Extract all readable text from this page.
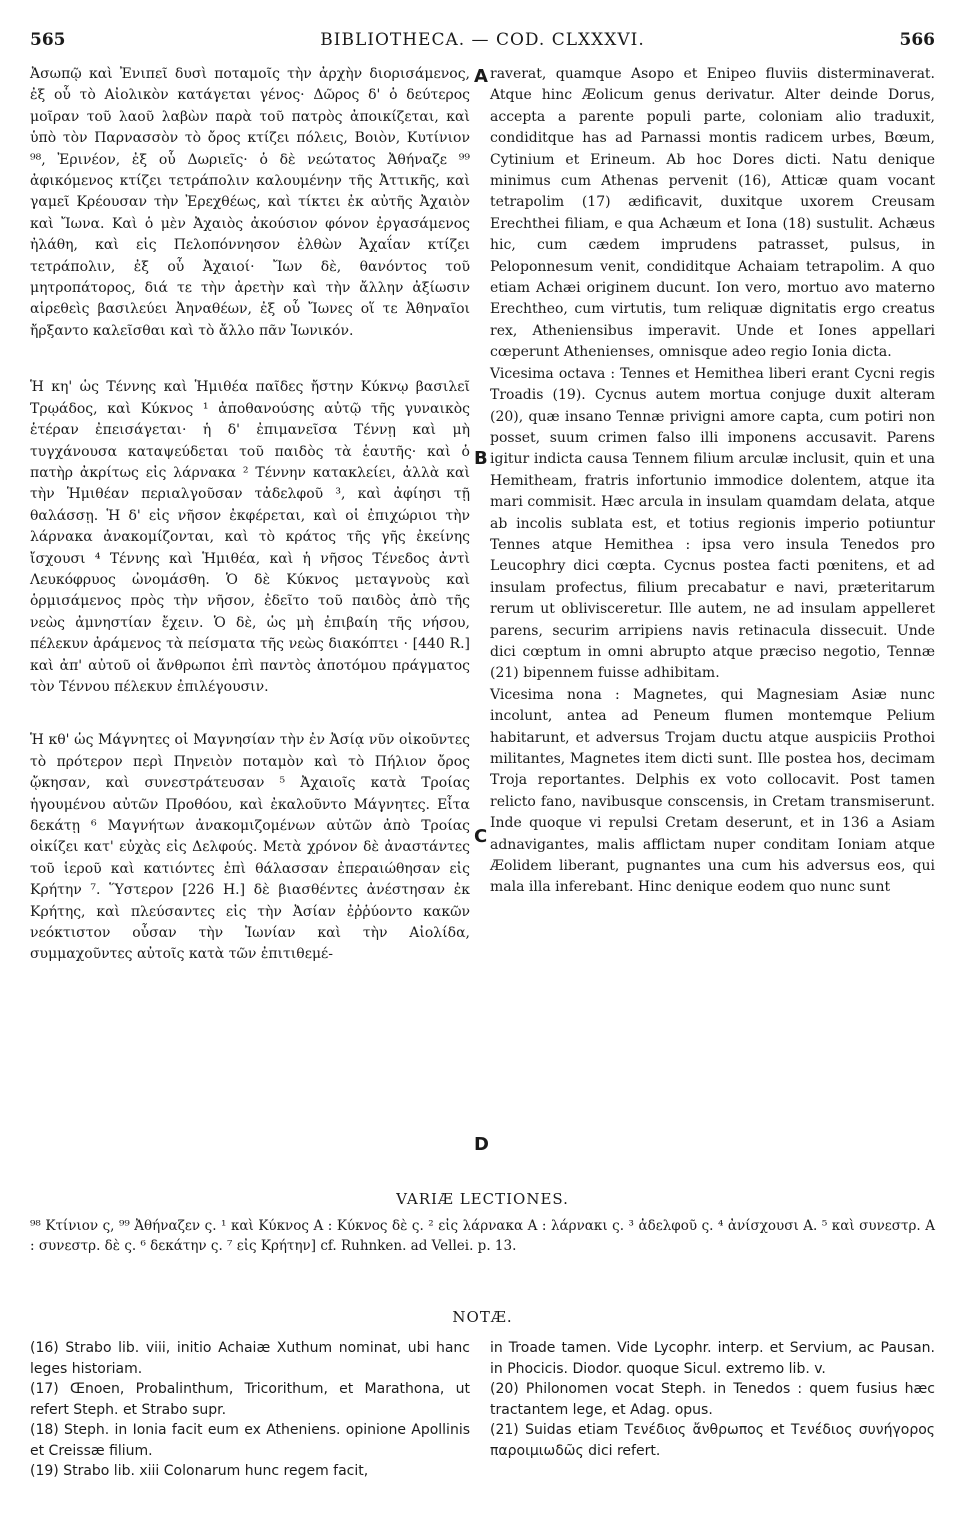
565	BIBLIOTHECA. — COD. CLXXXVI.	566
A
B
C
D

Ἀσωπῷ καὶ Ἐνιπεῖ δυσὶ ποταμοῖς τὴν ἀρχὴν διορισάμενος, ἐξ οὗ τὸ Αἰολικὸν κατάγεται γένος· Δῶρος δ' ὁ δεύτερος μοῖραν τοῦ λαοῦ λαβὼν παρὰ τοῦ πατρὸς ἀποικίζεται, καὶ ὑπὸ τὸν Παρνασσὸν τὸ ὄρος κτίζει πόλεις, Βοιὸν, Κυτίνιον ⁹⁸, Ἐρινέον, ἐξ οὗ Δωριεῖς· ὁ δὲ νεώτατος Ἀθήναζε ⁹⁹ ἀφικόμενος κτίζει τετράπολιν καλουμένην τῆς Ἀττικῆς, καὶ γαμεῖ Κρέουσαν τὴν Ἐρεχθέως, καὶ τίκτει ἐκ αὐτῆς Ἀχαιὸν καὶ Ἴωνα. Καὶ ὁ μὲν Ἀχαιὸς ἀκούσιον φόνον ἐργασάμενος ἠλάθη, καὶ εἰς Πελοπόννησον ἐλθὼν Ἀχαΐαν κτίζει τετράπολιν, ἐξ οὗ Ἀχαιοί· Ἴων δὲ, θανόντος τοῦ μητροπάτορος, διά τε τὴν ἀρετὴν καὶ τὴν ἄλλην ἀξίωσιν αἱρεθεὶς βασιλεύει Ἀηναθέων, ἐξ οὗ Ἴωνες οἵ τε Ἀθηναῖοι ἤρξαντο καλεῖσθαι καὶ τὸ ἄλλο πᾶν Ἰωνικόν.

Ἡ κη' ὡς Τέννης καὶ Ἡμιθέα παῖδες ἤστην Κύκνῳ βασιλεῖ Τρῳάδος, καὶ Κύκνος ¹ ἀποθανούσης αὐτῷ τῆς γυναικὸς ἑτέραν ἐπεισάγεται· ἡ δ' ἐπιμανεῖσα Τέννῃ καὶ μὴ τυγχάνουσα καταψεύδεται τοῦ παιδὸς τὰ ἑαυτῆς· καὶ ὁ πατὴρ ἀκρίτως εἰς λάρνακα ² Τέννην κατακλείει, ἀλλὰ καὶ τὴν Ἡμιθέαν περιαλγοῦσαν τἀδελφοῦ ³, καὶ ἀφίησι τῇ θαλάσσῃ. Ἡ δ' εἰς νῆσον ἐκφέρεται, καὶ οἱ ἐπιχώριοι τὴν λάρνακα ἀνακομίζονται, καὶ τὸ κράτος τῆς γῆς ἐκείνης ἴσχουσι ⁴ Τέννης καὶ Ἡμιθέα, καὶ ἡ νῆσος Τένεδος ἀντὶ Λευκόφρυος ὠνομάσθη. Ὁ δὲ Κύκνος μεταγνοὺς καὶ ὁρμισάμενος πρὸς τὴν νῆσον, ἐδεῖτο τοῦ παιδὸς ἀπὸ τῆς νεὼς ἀμνηστίαν ἔχειν. Ὁ δὲ, ὡς μὴ ἐπιβαίη τῆς νήσου, πέλεκυν ἀράμενος τὰ πείσματα τῆς νεὼς διακόπτει · [440 R.] καὶ ἀπ' αὐτοῦ οἱ ἄνθρωποι ἐπὶ παντὸς ἀποτόμου πράγματος τὸν Τέννου πέλεκυν ἐπιλέγουσιν.

Ἡ κθ' ὡς Μάγνητες οἱ Μαγνησίαν τὴν ἐν Ἀσίᾳ νῦν οἰκοῦντες τὸ πρότερον περὶ Πηνειὸν ποταμὸν καὶ τὸ Πήλιον ὄρος ᾤκησαν, καὶ συνεστράτευσαν ⁵ Ἀχαιοῖς κατὰ Τροίας ἡγουμένου αὐτῶν Προθόου, καὶ ἐκαλοῦντο Μάγνητες. Εἶτα δεκάτῃ ⁶ Μαγνήτων ἀνακομιζομένων αὐτῶν ἀπὸ Τροίας οἰκίζει κατ' εὐχὰς εἰς Δελφούς. Μετὰ χρόνον δὲ ἀναστάντες τοῦ ἱεροῦ καὶ κατιόντες ἐπὶ θάλασσαν ἐπεραιώθησαν εἰς Κρήτην ⁷. Ὕστερον [226 H.] δὲ βιασθέντες ἀνέστησαν ἐκ Κρήτης, καὶ πλεύσαντες εἰς τὴν Ἀσίαν ἐῤῥύοντο κακῶν νεόκτιστον οὖσαν τὴν Ἰωνίαν καὶ τὴν Αἰολίδα, συμμαχοῦντες αὐτοῖς κατὰ τῶν ἐπιτιθεμέ-

raverat, quamque Asopo et Enipeo fluviis disterminaverat. Atque hinc Æolicum genus derivatur. Alter deinde Dorus, accepta a parente populi parte, coloniam alio traduxit, condiditque has ad Parnassi montis radicem urbes, Bœum, Cytinium et Erineum. Ab hoc Dores dicti. Natu denique minimus cum Athenas pervenit (16), Atticæ quam vocant tetrapolim (17) ædificavit, duxitque uxorem Creusam Erechthei filiam, e qua Achæum et Iona (18) sustulit. Achæus hic, cum cædem imprudens patrasset, pulsus, in Peloponnesum venit, condiditque Achaiam tetrapolim. A quo etiam Achæi originem ducunt. Ion vero, mortuo avo materno Erechtheo, cum virtutis, tum reliquæ dignitatis ergo creatus rex, Atheniensibus imperavit. Unde et Iones appellari cœperunt Athenienses, omnisque adeo regio Ionia dicta.

Vicesima octava : Tennes et Hemithea liberi erant Cycni regis Troadis (19). Cycnus autem mortua conjuge duxit alteram (20), quæ insano Tennæ privigni amore capta, cum potiri non posset, suum crimen falso illi imponens accusavit. Parens igitur indicta causa Tennem filium arculæ inclusit, quin et una Hemitheam, fratris infortunio immodice dolentem, atque ita mari commisit. Hæc arcula in insulam quamdam delata, atque ab incolis sublata est, et totius regionis imperio potiuntur Tennes atque Hemithea : ipsa vero insula Tenedos pro Leucophry dici cœpta. Cycnus postea facti pœnitens, et ad insulam profectus, filium precabatur e navi, præteritarum rerum ut oblivisceretur. Ille autem, ne ad insulam appelleret parens, securim arripiens navis retinacula dissecuit. Unde dici cœptum in omni abrupto atque præciso negotio, Tennæ (21) bipennem fuisse adhibitam.

Vicesima nona : Magnetes, qui Magnesiam Asiæ nunc incolunt, antea ad Peneum flumen montemque Pelium habitarunt, et adversus Trojam ductu atque auspiciis Prothoi militantes, Magnetes item dicti sunt. Ille postea hos, decimam Troja reportantes. Delphis ex voto collocavit. Post tamen relicto fano, navibusque conscensis, in Cretam transmiserunt. Inde quoque vi repulsi Cretam deserunt, et in 136 a Asiam adnavigantes, malis afflictam nuper conditam Ioniam atque Æolidem liberant, pugnantes una cum his adversus eos, qui mala illa inferebant. Hinc denique eodem quo nunc sunt

VARIÆ LECTIONES.
⁹⁸ Κτίνιον ς, ⁹⁹ Ἀθήναζεν ς. ¹ καὶ Κύκνος A : Κύκνος δὲ ς. ² εἰς λάρνακα A : λάρνακι ς. ³ ἀδελφοῦ ς. ⁴ ἀνίσχουσι A. ⁵ καὶ συνεστρ. A : συνεστρ. δὲ ς. ⁶ δεκάτην ς. ⁷ εἰς Κρήτην] cf. Ruhnken. ad Vellei. p. 13.
NOTÆ.

(16) Strabo lib. viii, initio Achaiæ Xuthum nominat, ubi hanc leges historiam.

(17) Œnoen, Probalinthum, Tricorithum, et Marathona, ut refert Steph. et Strabo supr.

(18) Steph. in Ionia facit eum ex Atheniens. opinione Apollinis et Creissæ filium.

(19) Strabo lib. xiii Colonarum hunc regem facit,

in Troade tamen. Vide Lycophr. interp. et Servium, ac Pausan. in Phocicis. Diodor. quoque Sicul. extremo lib. v.

(20) Philonomen vocat Steph. in Tenedos : quem fusius hæc tractantem lege, et Adag. opus.

(21) Suidas etiam Τενέδιος ἄνθρωπος et Τενέδιος συνήγορος παροιμιωδῶς dici refert.
